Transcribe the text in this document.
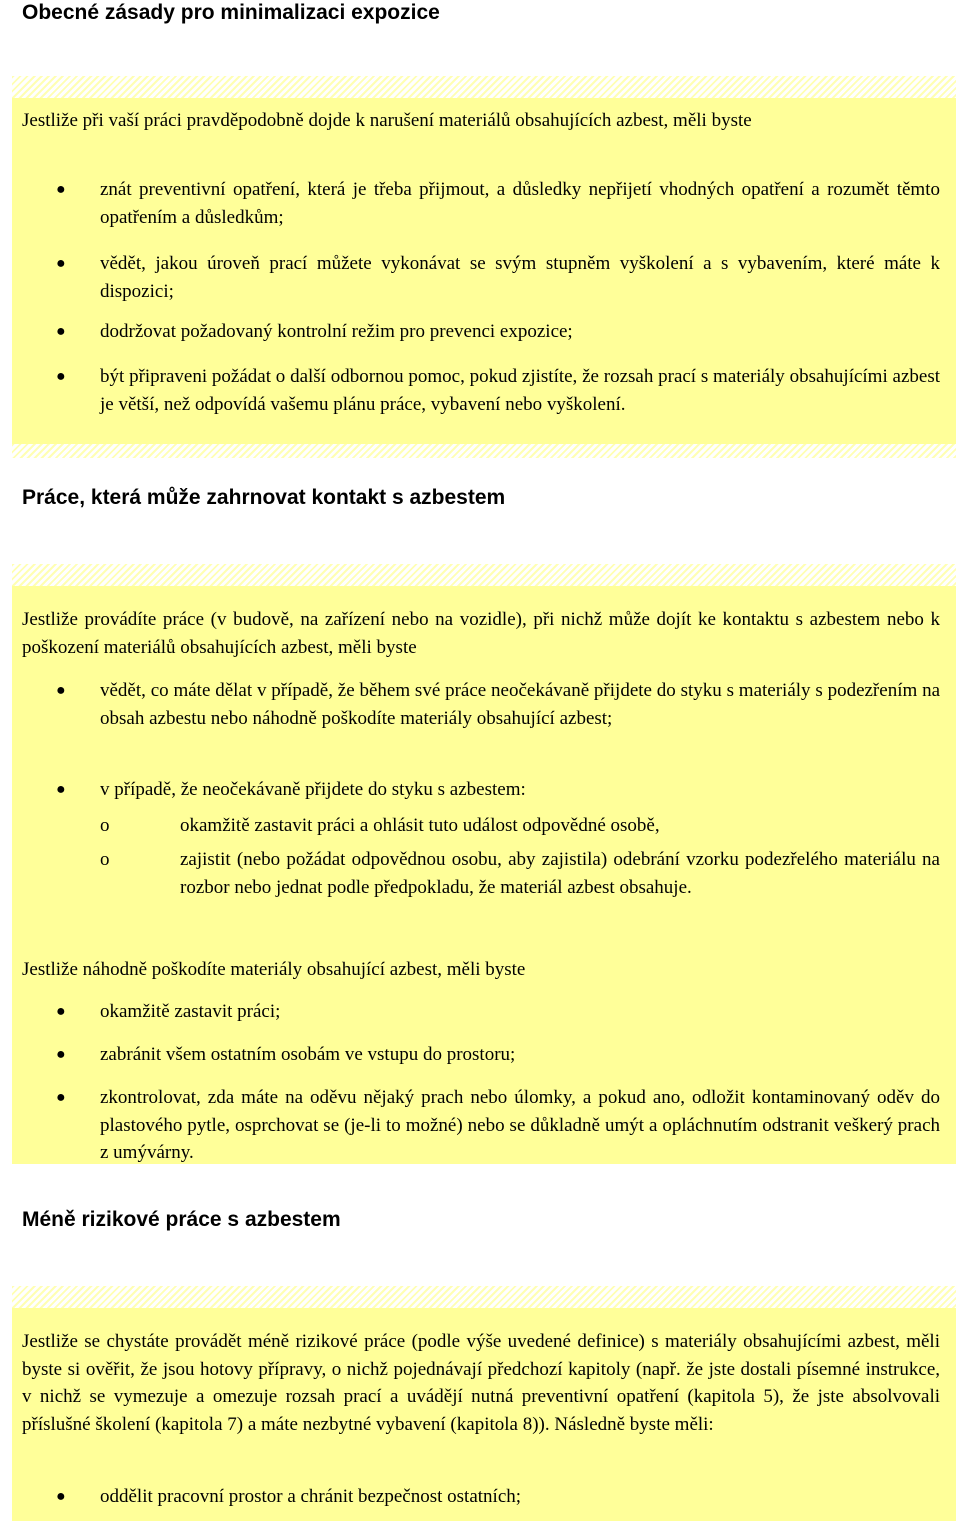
Obecné zásady pro minimalizaci expozice

Jestliže při vaší práci pravděpodobně dojde k narušení materiálů obsahujících azbest, měli byste

● znát preventivní opatření, která je třeba přijmout, a důsledky nepřijetí vhodných opatření a rozumět těmto opatřením a důsledkům;

● vědět, jakou úroveň prací můžete vykonávat se svým stupněm vyškolení a s vybavením, které máte k dispozici;

● dodržovat požadovaný kontrolní režim pro prevenci expozice;

● být připraveni požádat o další odbornou pomoc, pokud zjistíte, že rozsah prací s materiály obsahujícími azbest je větší, než odpovídá vašemu plánu práce, vybavení nebo vyškolení.

Práce, která může zahrnovat kontakt s azbestem

Jestliže provádíte práce (v budově, na zařízení nebo na vozidle), při nichž může dojít ke kontaktu s azbestem nebo k poškození materiálů obsahujících azbest, měli byste

● vědět, co máte dělat v případě, že během své práce neočekávaně přijdete do styku s materiály s podezřením na obsah azbestu nebo náhodně poškodíte materiály obsahující azbest;

● v případě, že neočekávaně přijdete do styku s azbestem:

o	okamžitě zastavit práci a ohlásit tuto událost odpovědné osobě,

o	zajistit (nebo požádat odpovědnou osobu, aby zajistila) odebrání vzorku podezřelého materiálu na rozbor nebo jednat podle předpokladu, že materiál azbest obsahuje.

Jestliže náhodně poškodíte materiály obsahující azbest, měli byste

● okamžitě zastavit práci;

● zabránit všem ostatním osobám ve vstupu do prostoru;

● zkontrolovat, zda máte na oděvu nějaký prach nebo úlomky, a pokud ano, odložit kontaminovaný oděv do plastového pytle, osprchovat se (je-li to možné) nebo se důkladně umýt a opláchnutím odstranit veškerý prach z umývárny.

Méně rizikové práce s azbestem

Jestliže se chystáte provádět méně rizikové práce (podle výše uvedené definice) s materiály obsahujícími azbest, měli byste si ověřit, že jsou hotovy přípravy, o nichž pojednávají předchozí kapitoly (např. že jste dostali písemné instrukce, v nichž se vymezuje a omezuje rozsah prací a uvádějí nutná preventivní opatření (kapitola 5), že jste absolvovali příslušné školení (kapitola 7) a máte nezbytné vybavení (kapitola 8)). Následně byste měli:

● oddělit pracovní prostor a chránit bezpečnost ostatních;
